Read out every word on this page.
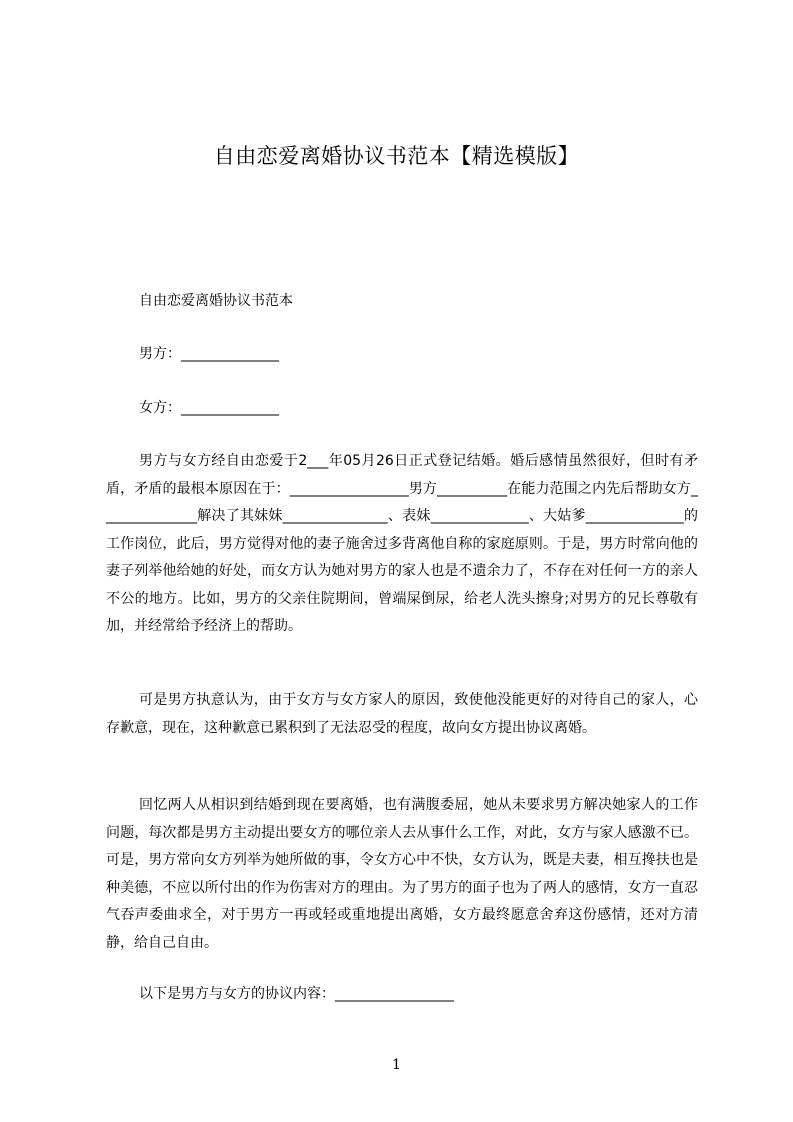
自由恋爱离婚协议书范本【精选模版】

自由恋爱离婚协议书范本

男方：______________

女方：______________

男方与女方经自由恋爱于2___年05月26日正式登记结婚。婚后感情虽然很好，但时有矛盾，矛盾的最根本原因在于：_________________男方__________在能力范围之内先后帮助女方______________解决了其妹妹_______________、表妹______________、大姑爹______________的工作岗位，此后，男方觉得对他的妻子施舍过多背离他自称的家庭原则。于是，男方时常向他的妻子列举他给她的好处，而女方认为她对男方的家人也是不遗余力了，不存在对任何一方的亲人不公的地方。比如，男方的父亲住院期间，曾端屎倒尿，给老人洗头擦身;对男方的兄长尊敬有加，并经常给予经济上的帮助。

可是男方执意认为，由于女方与女方家人的原因，致使他没能更好的对待自己的家人，心存歉意，现在，这种歉意已累积到了无法忍受的程度，故向女方提出协议离婚。

回忆两人从相识到结婚到现在要离婚，也有满腹委屈，她从未要求男方解决她家人的工作问题，每次都是男方主动提出要女方的哪位亲人去从事什么工作，对此，女方与家人感激不已。可是，男方常向女方列举为她所做的事，令女方心中不快，女方认为，既是夫妻，相互搀扶也是种美德，不应以所付出的作为伤害对方的理由。为了男方的面子也为了两人的感情，女方一直忍气吞声委曲求全，对于男方一再或轻或重地提出离婚，女方最终愿意舍弃这份感情，还对方清静，给自己自由。

以下是男方与女方的协议内容：_________________

1
